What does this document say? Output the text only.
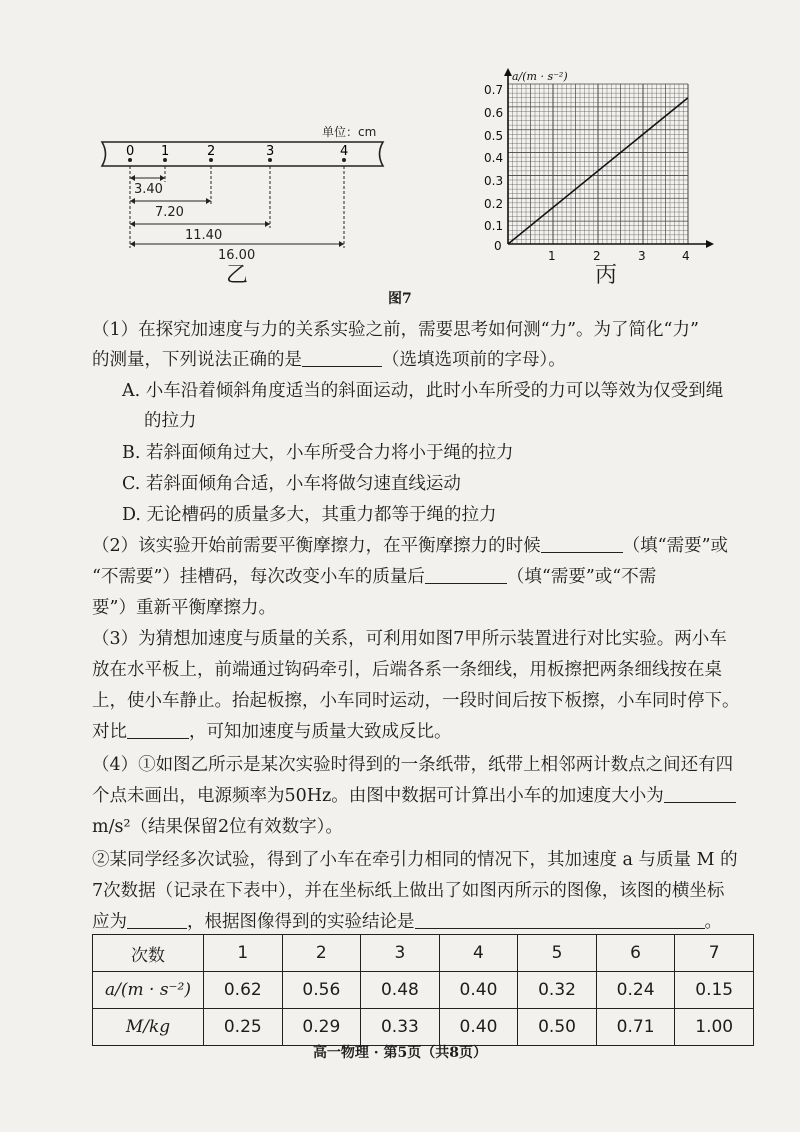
单位：cm
0 1	2	3	4
3.40
7.20
11.40
16.00
乙
a/(m · s⁻²)
0.7
0.6
0.5
0.4
0.3
0.2
0.1
0
1	2	3	4
丙
图7
（1）在探究加速度与力的关系实验之前，需要思考如何测“力”。为了简化“力”
的测量，下列说法正确的是	（选填选项前的字母）。
A. 小车沿着倾斜角度适当的斜面运动，此时小车所受的力可以等效为仅受到绳
的拉力
B. 若斜面倾角过大，小车所受合力将小于绳的拉力
C. 若斜面倾角合适，小车将做匀速直线运动
D. 无论槽码的质量多大，其重力都等于绳的拉力
（2）该实验开始前需要平衡摩擦力，在平衡摩擦力的时候	（填“需要”或
“不需要”）挂槽码，每次改变小车的质量后	（填“需要”或“不需
要”）重新平衡摩擦力。
（3）为猜想加速度与质量的关系，可利用如图7甲所示装置进行对比实验。两小车
放在水平板上，前端通过钩码牵引，后端各系一条细线，用板擦把两条细线按在桌
上，使小车静止。抬起板擦，小车同时运动，一段时间后按下板擦，小车同时停下。
对比	，可知加速度与质量大致成反比。
（4）①如图乙所示是某次实验时得到的一条纸带，纸带上相邻两计数点之间还有四
个点未画出，电源频率为50Hz。由图中数据可计算出小车的加速度大小为
m/s²（结果保留2位有效数字）。
②某同学经多次试验，得到了小车在牵引力相同的情况下，其加速度 a 与质量 M 的
7次数据（记录在下表中），并在坐标纸上做出了如图丙所示的图像，该图的横坐标
应为	，根据图像得到的实验结论是	。
次数	1	2	3	4	5	6	7
a/(m · s⁻²)	0.62	0.56	0.48	0.40	0.32	0.24	0.15
M/kg	0.25	0.29	0.33	0.40	0.50	0.71	1.00
高一物理 · 第5页（共8页）
